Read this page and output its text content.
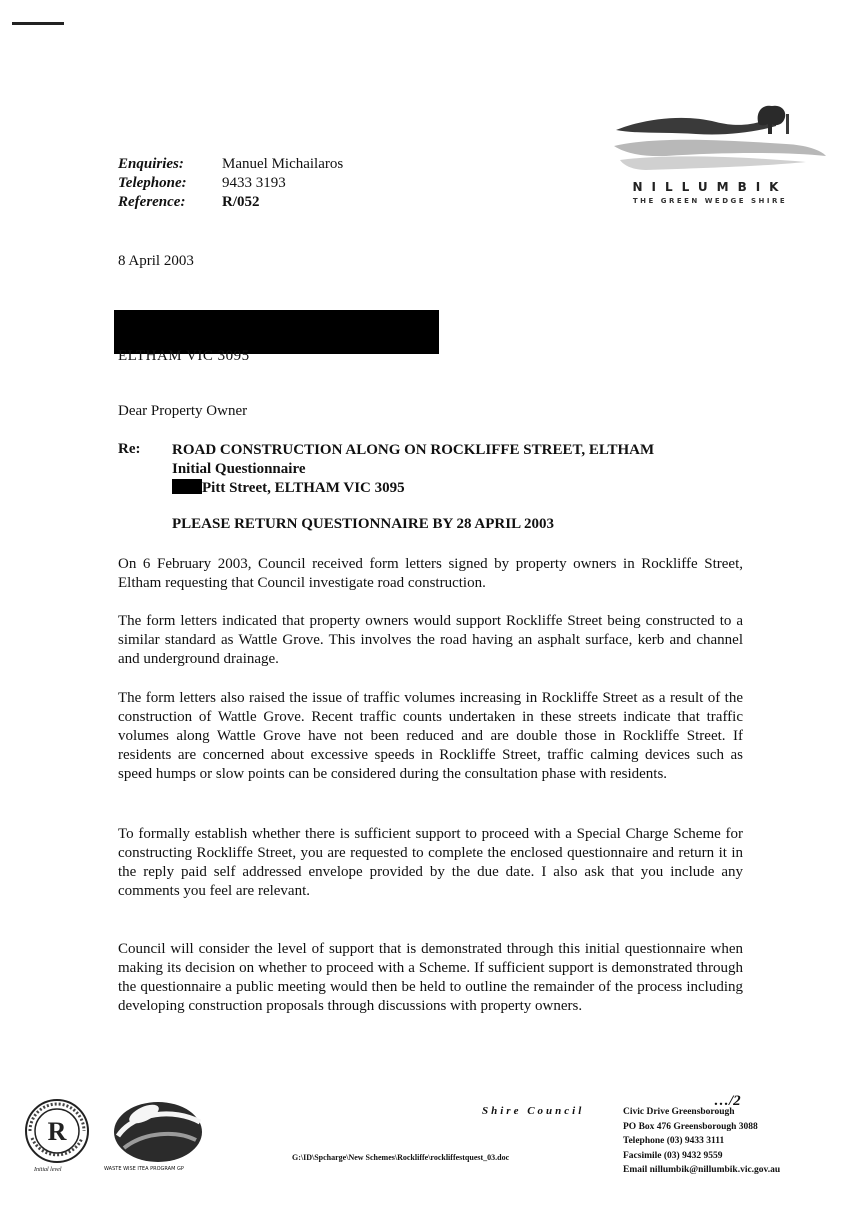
Enquiries:	Manuel Michailaros
Telephone:	9433 3193
Reference:	R/052
NILLUMBIK
THE GREEN WEDGE SHIRE
8 April 2003
ELTHAM VIC 3095
Dear Property Owner
Re: ROAD CONSTRUCTION ALONG ON ROCKLIFFE STREET, ELTHAM
Initial Questionnaire
Pitt Street, ELTHAM VIC 3095
PLEASE RETURN QUESTIONNAIRE BY 28 APRIL 2003
On 6 February 2003, Council received form letters signed by property owners in Rockliffe Street, Eltham requesting that Council investigate road construction.
The form letters indicated that property owners would support Rockliffe Street being constructed to a similar standard as Wattle Grove. This involves the road having an asphalt surface, kerb and channel and underground drainage.
The form letters also raised the issue of traffic volumes increasing in Rockliffe Street as a result of the construction of Wattle Grove. Recent traffic counts undertaken in these streets indicate that traffic volumes along Wattle Grove have not been reduced and are double those in Rockliffe Street. If residents are concerned about excessive speeds in Rockliffe Street, traffic calming devices such as speed humps or slow points can be considered during the consultation phase with residents.
To formally establish whether there is sufficient support to proceed with a Special Charge Scheme for constructing Rockliffe Street, you are requested to complete the enclosed questionnaire and return it in the reply paid self addressed envelope provided by the due date. I also ask that you include any comments you feel are relevant.
Council will consider the level of support that is demonstrated through this initial questionnaire when making its decision on whether to proceed with a Scheme. If sufficient support is demonstrated through the questionnaire a public meeting would then be held to outline the remainder of the process including developing construction proposals through discussions with property owners.
…/2
Shire Council	Civic Drive Greensborough
PO Box 476 Greensborough 3088
Telephone (03) 9433 3111
Facsimile (03) 9432 9559
Email nillumbik@nillumbik.vic.gov.au
G:\ID\Spcharge\New Schemes\Rockliffe\rockliffestquest_03.doc
R
Initial level	WASTE WISE ITEA PROGRAM GP
